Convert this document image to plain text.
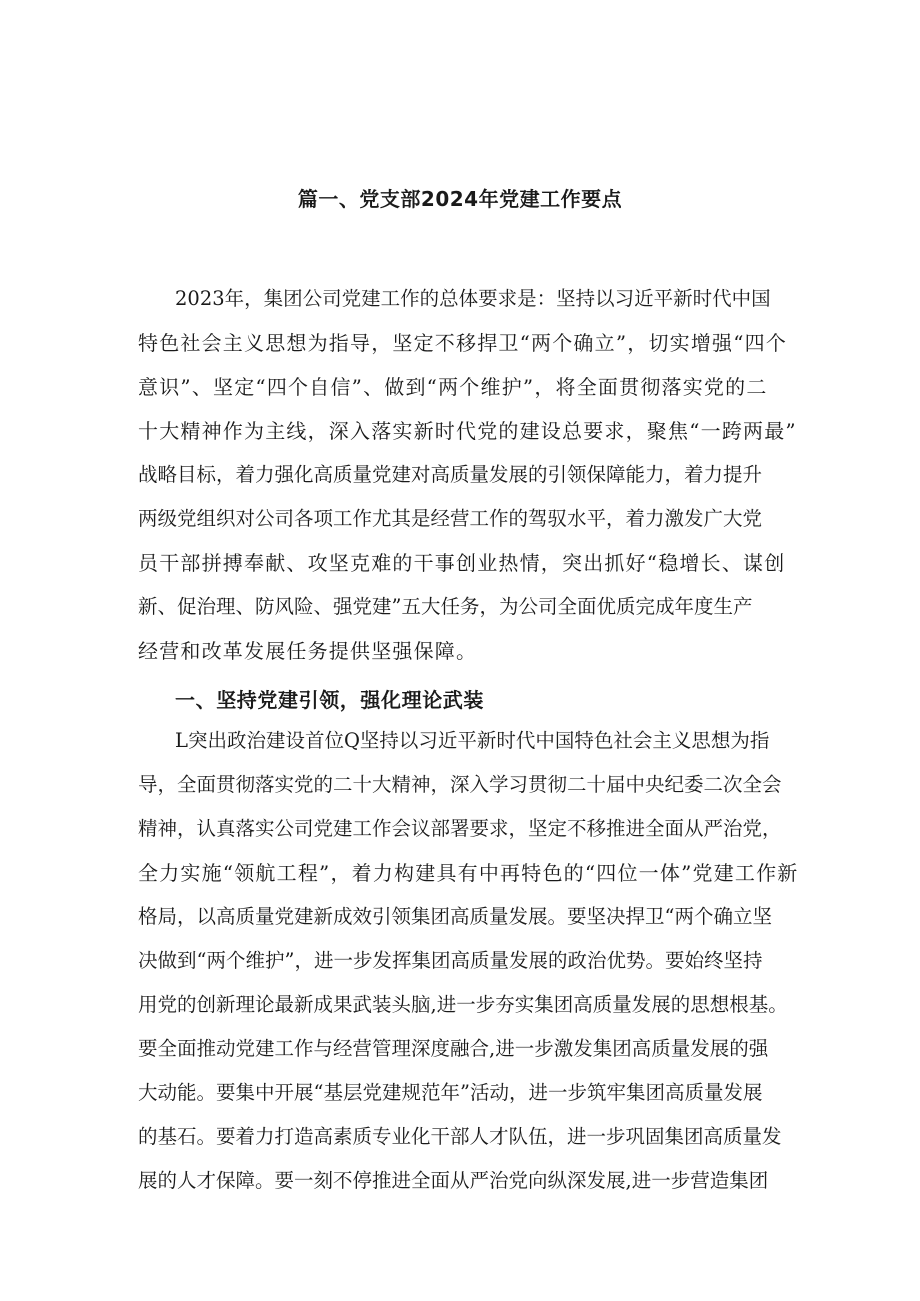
篇一、党支部2024年党建工作要点
2023年，集团公司党建工作的总体要求是：坚持以习近平新时代中国
特色社会主义思想为指导，坚定不移捍卫“两个确立”，切实增强“四个
意识”、坚定“四个自信”、做到“两个维护”，将全面贯彻落实党的二
十大精神作为主线，深入落实新时代党的建设总要求，聚焦“一跨两最”
战略目标，着力强化高质量党建对高质量发展的引领保障能力，着力提升
两级党组织对公司各项工作尤其是经营工作的驾驭水平，着力激发广大党
员干部拼搏奉献、攻坚克难的干事创业热情，突出抓好“稳增长、谋创
新、促治理、防风险、强党建”五大任务，为公司全面优质完成年度生产
经营和改革发展任务提供坚强保障。
一、坚持党建引领，强化理论武装
L突出政治建设首位Q坚持以习近平新时代中国特色社会主义思想为指
导，全面贯彻落实党的二十大精神，深入学习贯彻二十届中央纪委二次全会
精神，认真落实公司党建工作会议部署要求，坚定不移推进全面从严治党，
全力实施“领航工程”，着力构建具有中再特色的“四位一体”党建工作新
格局，以高质量党建新成效引领集团高质量发展。要坚决捍卫“两个确立坚
决做到“两个维护”，进一步发挥集团高质量发展的政治优势。要始终坚持
用党的创新理论最新成果武装头脑,进一步夯实集团高质量发展的思想根基。
要全面推动党建工作与经营管理深度融合,进一步激发集团高质量发展的强
大动能。要集中开展“基层党建规范年”活动，进一步筑牢集团高质量发展
的基石。要着力打造高素质专业化干部人才队伍，进一步巩固集团高质量发
展的人才保障。要一刻不停推进全面从严治党向纵深发展,进一步营造集团
